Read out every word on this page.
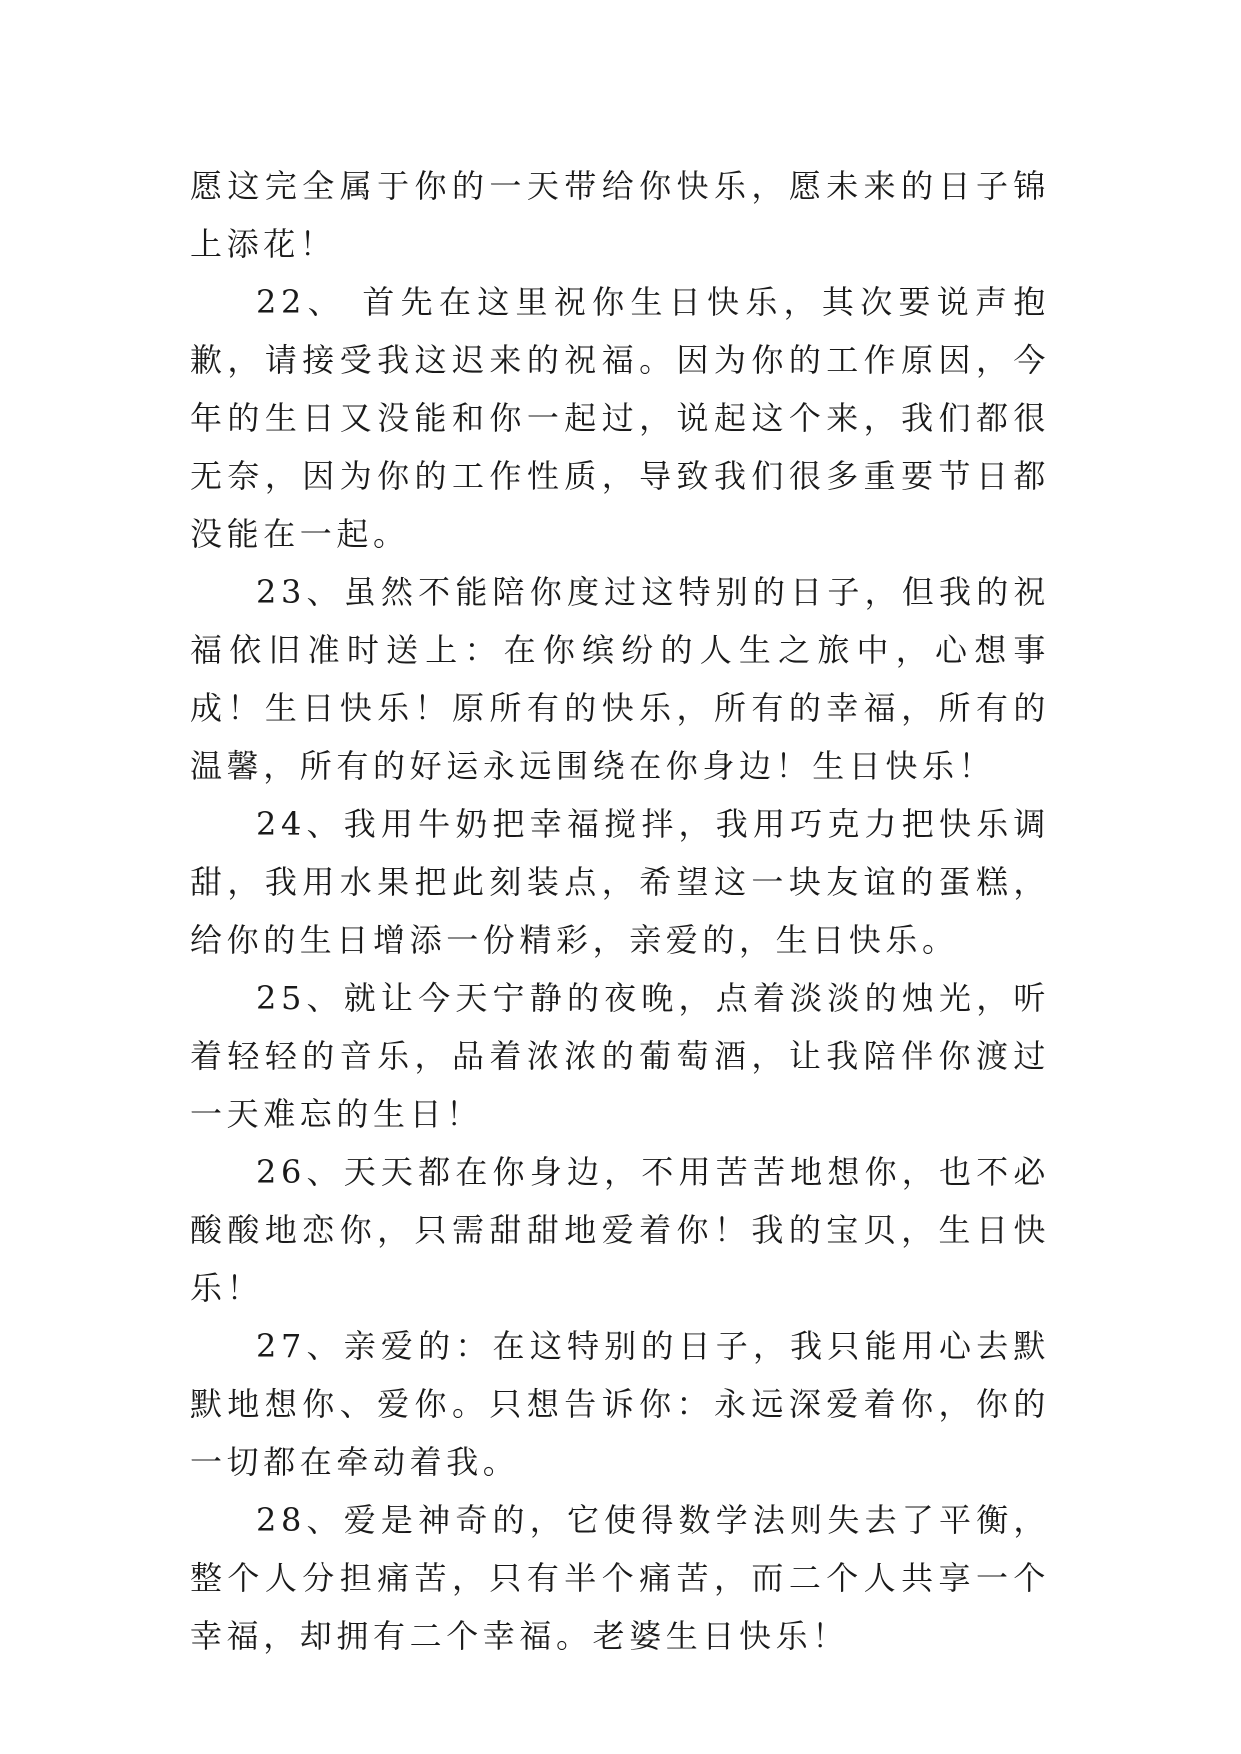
愿这完全属于你的一天带给你快乐，愿未来的日子锦上添花！

22、 首先在这里祝你生日快乐，其次要说声抱歉，请接受我这迟来的祝福。因为你的工作原因，今年的生日又没能和你一起过，说起这个来，我们都很无奈，因为你的工作性质，导致我们很多重要节日都没能在一起。

23、虽然不能陪你度过这特别的日子，但我的祝福依旧准时送上：在你缤纷的人生之旅中，心想事成！生日快乐！原所有的快乐，所有的幸福，所有的温馨，所有的好运永远围绕在你身边！生日快乐！

24、我用牛奶把幸福搅拌，我用巧克力把快乐调甜，我用水果把此刻装点，希望这一块友谊的蛋糕，给你的生日增添一份精彩，亲爱的，生日快乐。

25、就让今天宁静的夜晚，点着淡淡的烛光，听着轻轻的音乐，品着浓浓的葡萄酒，让我陪伴你渡过一天难忘的生日！

26、天天都在你身边，不用苦苦地想你，也不必酸酸地恋你，只需甜甜地爱着你！我的宝贝，生日快乐！

27、亲爱的：在这特别的日子，我只能用心去默默地想你、爱你。只想告诉你：永远深爱着你，你的一切都在牵动着我。

28、爱是神奇的，它使得数学法则失去了平衡，整个人分担痛苦，只有半个痛苦，而二个人共享一个幸福，却拥有二个幸福。老婆生日快乐！
